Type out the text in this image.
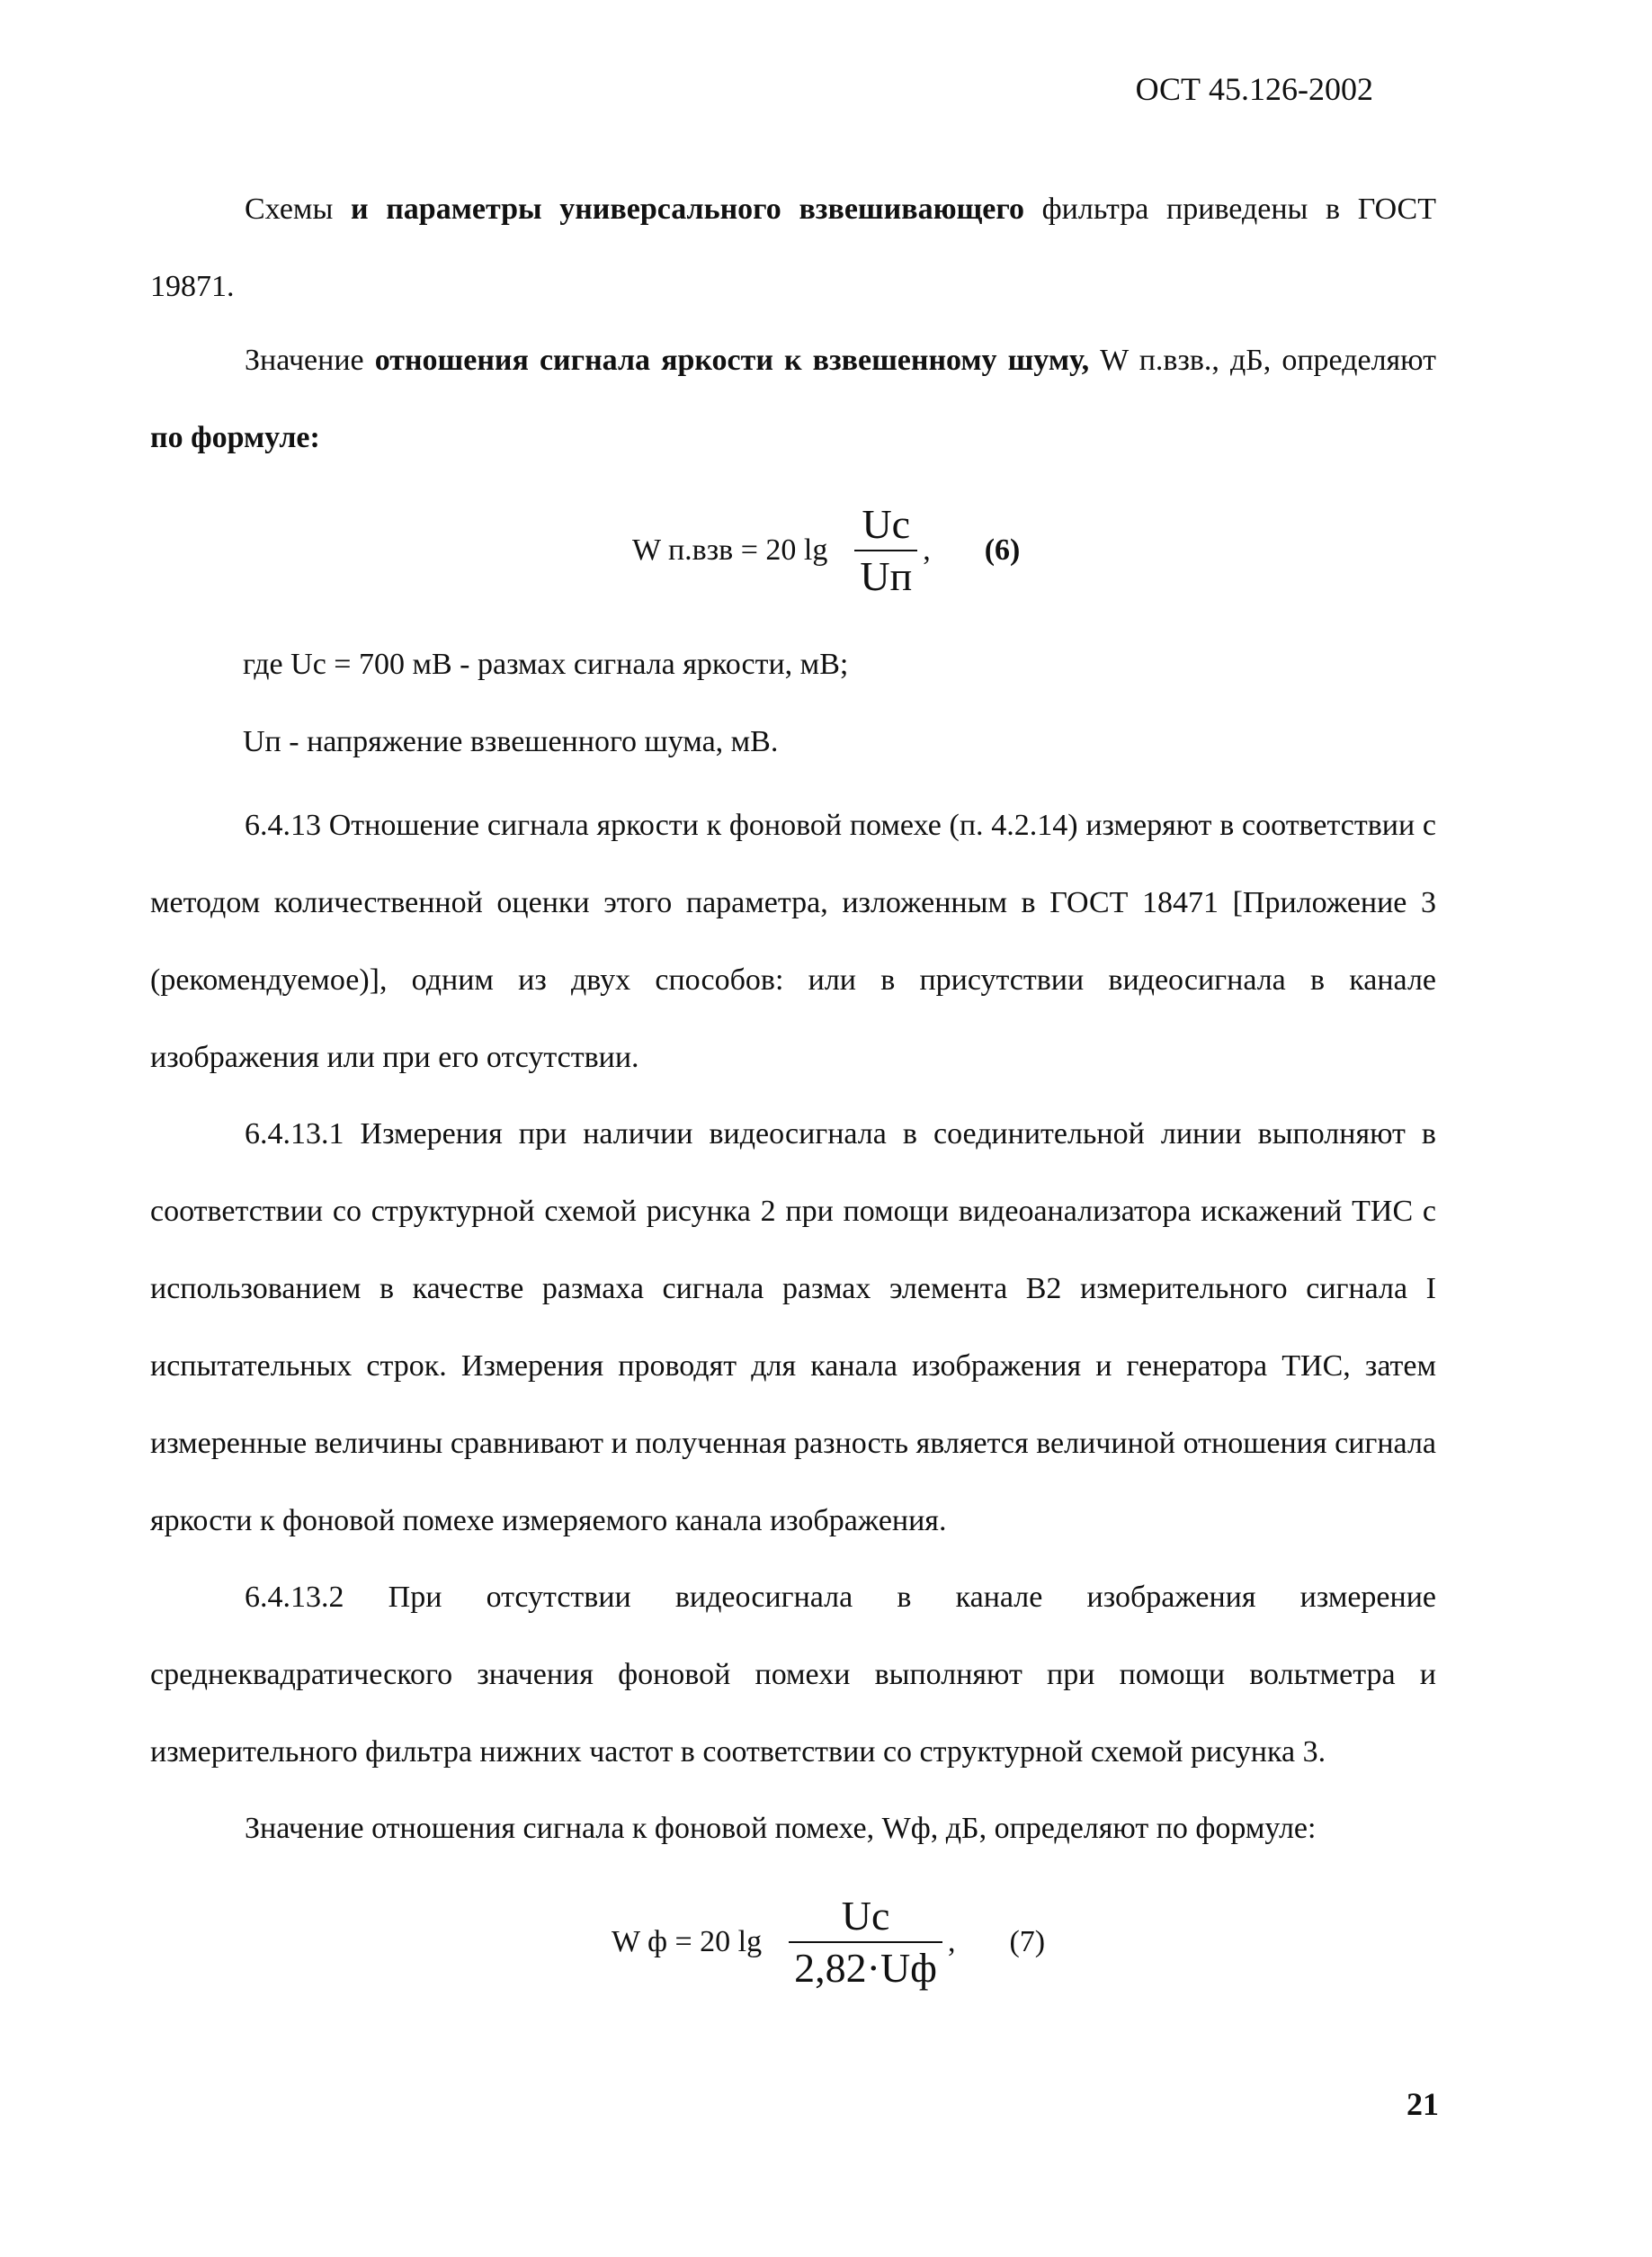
ОСТ 45.126-2002

Схемы и параметры универсального взвешивающего фильтра приведены в ГОСТ 19871.

Значение отношения сигнала яркости к взвешенному шуму, W п.взв., дБ, определяют по формуле:

W п.взв = 20 $\lg \frac{Uc}{Uп}$ , (6)
где Uс = 700 мВ - размах сигнала яркости, мВ;
Uп - напряжение взвешенного шума, мВ.

6.4.13 Отношение сигнала яркости к фоновой помехе (п. 4.2.14) измеряют в соответствии с методом количественной оценки этого параметра, изложенным в ГОСТ 18471 [Приложение 3 (рекомендуемое)], одним из двух способов: или в присутствии видеосигнала в канале изображения или при его отсутствии.

6.4.13.1 Измерения при наличии видеосигнала в соединительной линии выполняют в соответствии со структурной схемой рисунка 2 при помощи видеоанализатора искажений ТИС с использованием в качестве размаха сигнала размах элемента В2 измерительного сигнала I испытательных строк. Измерения проводят для канала изображения и генератора ТИС, затем измеренные величины сравнивают и полученная разность является величиной отношения сигнала яркости к фоновой помехе измеряемого канала изображения.

6.4.13.2 При отсутствии видеосигнала в канале изображения измерение среднеквадратического значения фоновой помехи выполняют при помощи вольтметра и измерительного фильтра нижних частот в соответствии со структурной схемой рисунка 3.

Значение отношения сигнала к фоновой помехе, Wф, дБ, определяют по формуле:

W ф = 20 $\lg \frac{Uc}{2,82\cdot Uф}$ , (7)
21
